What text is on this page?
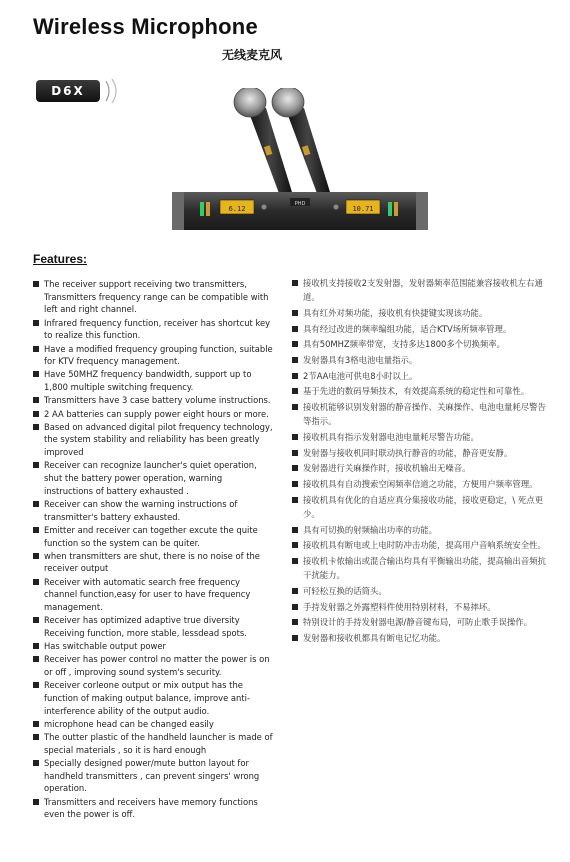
Wireless Microphone
无线麦克风
D6X
6.12	10.71
PHD
Features:
The receiver support receiving two transmitters, Transmitters frequency range can be compatible with left and right channel.
Infrared frequency function, receiver has shortcut key to realize this function.
Have a modified frequency grouping function, suitable for KTV frequency management.
Have 50MHZ frequency bandwidth, support up to 1,800 multiple switching frequency.
Transmitters have 3 case battery volume instructions.
2 AA batteries can supply power eight hours or more.
Based on advanced digital pilot frequency technology, the system stability and reliability has been greatly improved
Receiver can recognize launcher's quiet operation, shut the battery power operation, warning instructions of battery exhausted .
Receiver can show the warning instructions of transmitter's battery exhausted.
Emitter and receiver can together excute the quite function so the system can be quiter.
when transmitters are shut, there is no noise of the receiver output
Receiver with automatic search free frequency channel function,easy for user to have frequency management.
Receiver has optimized adaptive true diversity Receiving function, more stable, lessdead spots.
Has switchable output power
Receiver has power control no matter the power is on or off , improving sound system's security.
Receiver corleone output or mix output has the function of making output balance, improve anti-interference ability of the output audio.
microphone head can be changed easily
The outter plastic of the handheld launcher is made of special materials , so it is hard enough
Specially designed power/mute button layout for handheld transmitters , can prevent singers' wrong operation.
Transmitters and receivers have memory functions even the power is off.
接收机支持接收2支发射器，发射器频率范围能兼容接收机左右通道。
具有红外对频功能，接收机有快捷键实现该功能。
具有经过改进的频率编组功能，适合KTV场所频率管理。
具有50MHZ频率带宽，支持多达1800多个切换频率。
发射器具有3格电池电量指示。
2节AA电池可供电8小时以上。
基于先进的数码导频技术，有效提高系统的稳定性和可靠性。
接收机能够识别发射器的静音操作、关麻操作、电池电量耗尽警告等指示。
接收机具有指示发射器电池电量耗尽警告功能。
发射器与接收机同时联动执行静音的功能，静音更安静。
发射器进行关麻操作时，接收机输出无噪音。
接收机具有自动搜索空闲频率信道之功能，方便用户频率管理。
接收机具有优化的自适应真分集接收功能，接收更稳定，\ 死点更少。
具有可切换的射频输出功率的功能。
接收机具有断电或上电时防冲击功能，提高用户音响系统安全性。
接收机卡侬输出或混合输出均具有平衡输出功能，提高输出音频抗干扰能力。
可轻松互换的话筒头。
手持发射器之外露塑料件使用特别材料，不易摔坏。
特别设计的手持发射器电源/静音键布局，可防止歌手误操作。
发射器和接收机都具有断电记忆功能。
